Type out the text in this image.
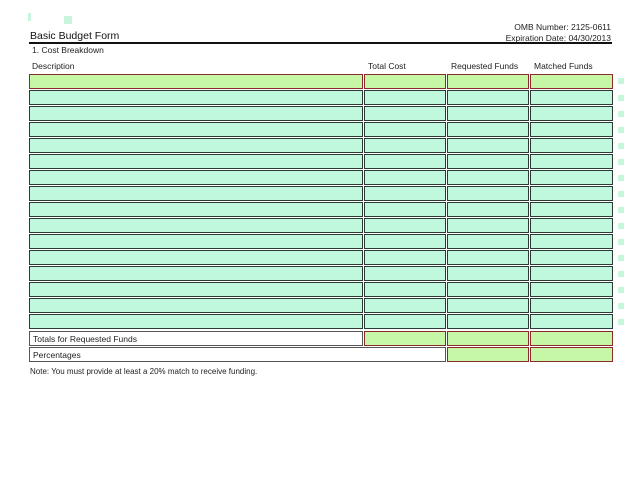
OMB Number: 2125-0611
Expiration Date: 04/30/2013
Basic Budget Form
1. Cost Breakdown
Description	Total Cost	Requested Funds Matched Funds
Totals for Requested Funds
Percentages
Note: You must provide at least a 20% match to receive funding.
